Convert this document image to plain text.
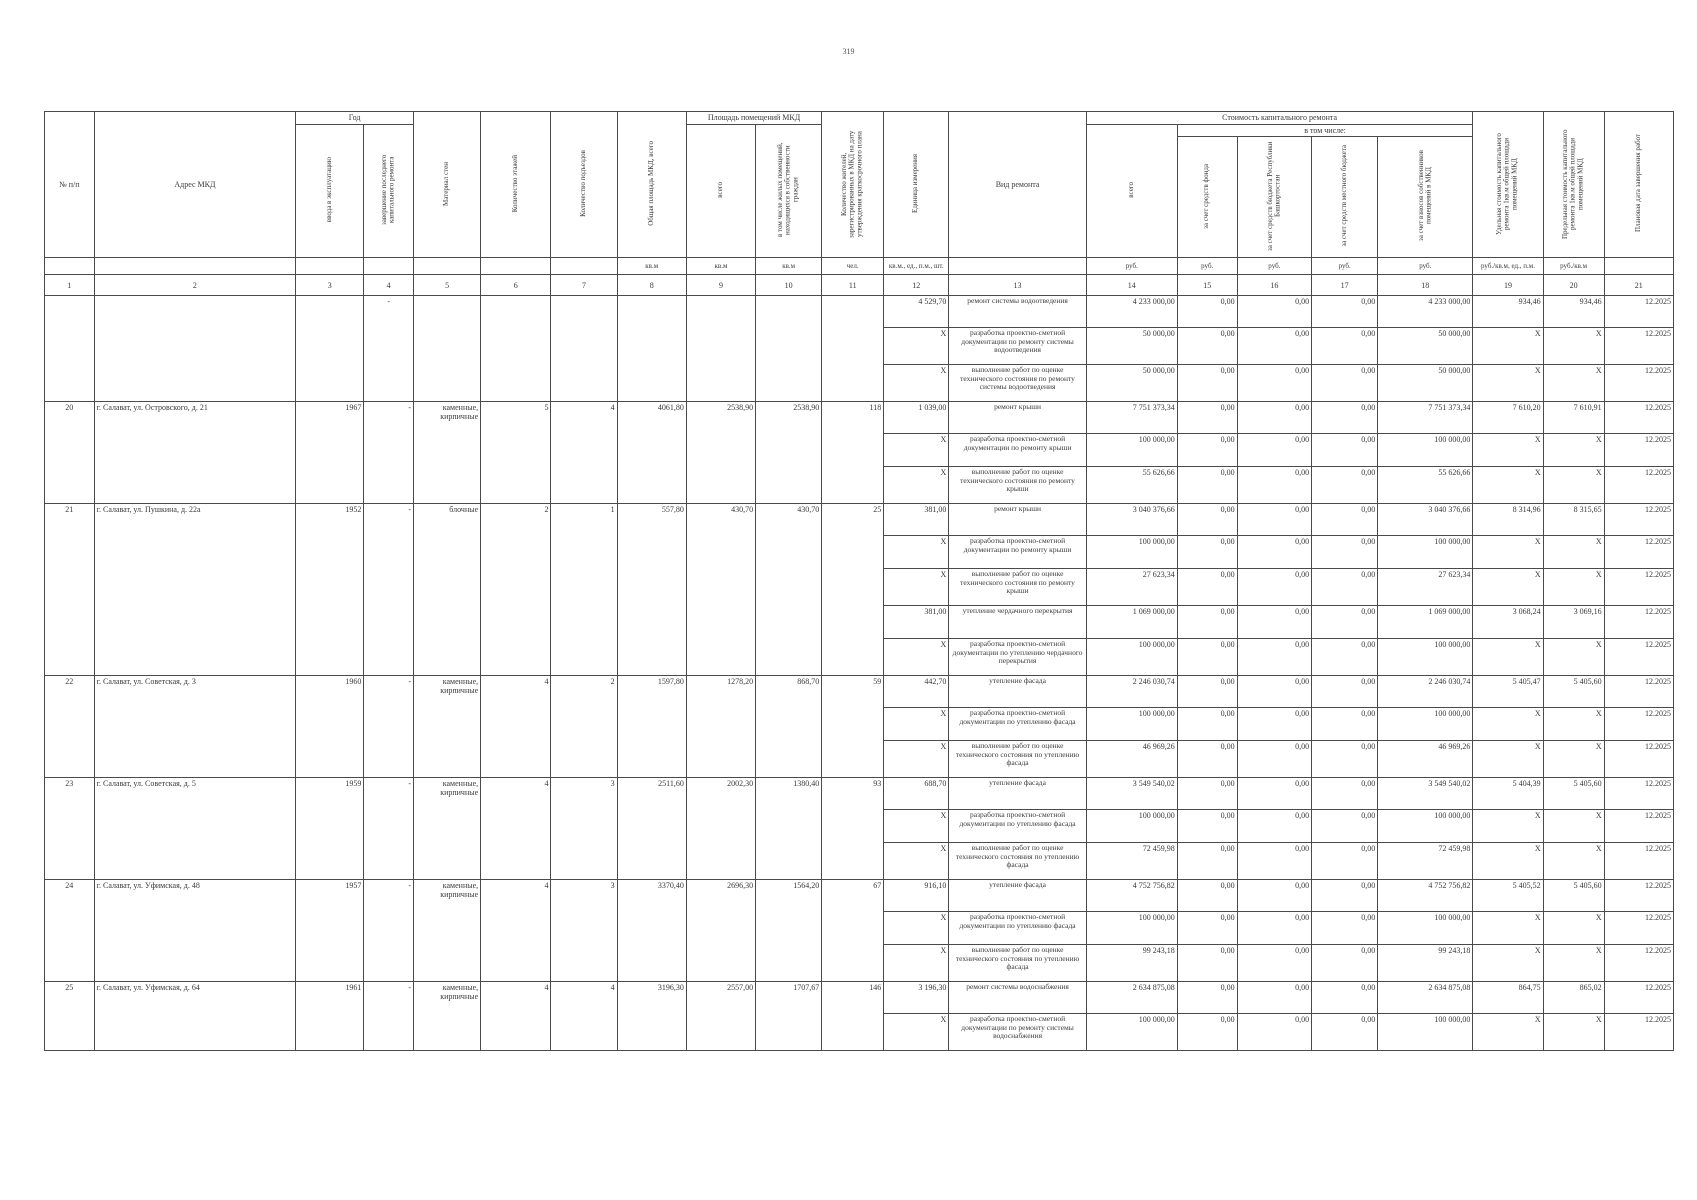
319
№ п/п	Адрес МКД	Год		Материал стен	Количество этажей	Количество подъездов	Общая площадь МКД, всего	Площадь помещений МКД		Количество жителей, зарегистрированных в МКД на дату утверждения краткосрочного плана	Единица измерения	Вид ремонта	Стоимость капитального ремонта					Удельная стоимость капитального ремонта 1кв.м общей площади помещений МКД	Предельная стоимость капитального ремонта 1кв.м общей площади помещений МКД	Плановая дата завершения работ
		ввода в эксплуатацию	завершение последнего капитального ремонта					всего	в том числе жилых помещений, находящихся в собственности граждан				всего	в том числе:						
														за счет средств фонда	за счет средств бюджета Республики Башкортостан	за счет средств местного бюджета	за счет взносов собственников помещений в МКД			
							кв.м	кв.м	кв.м	чел.	кв.м., ед., п.м., шт.		руб.	руб.	руб.	руб.	руб.	руб./кв.м, ед., п.м.	руб./кв.м	
1	2	3	4	5	6	7	8	9	10	11	12	13	14	15	16	17	18	19	20	21
			-								4 529,70	ремонт системы водоотведения	4 233 000,00	0,00	0,00	0,00	4 233 000,00	934,46	934,46	12.2025
											X	разработка проектно-сметной документации по ремонту системы водоотведения	50 000,00	0,00	0,00	0,00	50 000,00	X	X	12.2025
											X	выполнение работ по оценке технического состояния по ремонту системы водоотведения	50 000,00	0,00	0,00	0,00	50 000,00	X	X	12.2025
20	г. Салават, ул. Островского, д. 21	1967	-	каменные, кирпичные	5	4	4061,80	2538,90	2538,90	118	1 039,00	ремонт крыши	7 751 373,34	0,00	0,00	0,00	7 751 373,34	7 610,20	7 610,91	12.2025
											X	разработка проектно-сметной документации по ремонту крыши	100 000,00	0,00	0,00	0,00	100 000,00	X	X	12.2025
											X	выполнение работ по оценке технического состояния по ремонту крыши	55 626,66	0,00	0,00	0,00	55 626,66	X	X	12.2025
21	г. Салават, ул. Пушкина, д. 22а	1952	-	блочные	2	1	557,80	430,70	430,70	25	381,00	ремонт крыши	3 040 376,66	0,00	0,00	0,00	3 040 376,66	8 314,96	8 315,65	12.2025
											X	разработка проектно-сметной документации по ремонту крыши	100 000,00	0,00	0,00	0,00	100 000,00	X	X	12.2025
											X	выполнение работ по оценке технического состояния по ремонту крыши	27 623,34	0,00	0,00	0,00	27 623,34	X	X	12.2025
											381,00	утепление чердачного перекрытия	1 069 000,00	0,00	0,00	0,00	1 069 000,00	3 068,24	3 069,16	12.2025
											X	разработка проектно-сметной документации по утеплению чердачного перекрытия	100 000,00	0,00	0,00	0,00	100 000,00	X	X	12.2025
22	г. Салават, ул. Советская, д. 3	1960	-	каменные, кирпичные	4	2	1597,80	1278,20	868,70	59	442,70	утепление фасада	2 246 030,74	0,00	0,00	0,00	2 246 030,74	5 405,47	5 405,60	12.2025
											X	разработка проектно-сметной документации по утеплению фасада	100 000,00	0,00	0,00	0,00	100 000,00	X	X	12.2025
											X	выполнение работ по оценке технического состояния по утеплению фасада	46 969,26	0,00	0,00	0,00	46 969,26	X	X	12.2025
23	г. Салават, ул. Советская, д. 5	1959	-	каменные, кирпичные	4	3	2511,60	2002,30	1380,40	93	688,70	утепление фасада	3 549 540,02	0,00	0,00	0,00	3 549 540,02	5 404,39	5 405,60	12.2025
											X	разработка проектно-сметной документации по утеплению фасада	100 000,00	0,00	0,00	0,00	100 000,00	X	X	12.2025
											X	выполнение работ по оценке технического состояния по утеплению фасада	72 459,98	0,00	0,00	0,00	72 459,98	X	X	12.2025
24	г. Салават, ул. Уфимская, д. 48	1957	-	каменные, кирпичные	4	3	3370,40	2696,30	1564,20	67	916,10	утепление фасада	4 752 756,82	0,00	0,00	0,00	4 752 756,82	5 405,52	5 405,60	12.2025
											X	разработка проектно-сметной документации по утеплению фасада	100 000,00	0,00	0,00	0,00	100 000,00	X	X	12.2025
											X	выполнение работ по оценке технического состояния по утеплению фасада	99 243,18	0,00	0,00	0,00	99 243,18	X	X	12.2025
25	г. Салават, ул. Уфимская, д. 64	1961	-	каменные, кирпичные	4	4	3196,30	2557,00	1707,67	146	3 196,30	ремонт системы водоснабжения	2 634 875,08	0,00	0,00	0,00	2 634 875,08	864,75	865,02	12.2025
											X	разработка проектно-сметной документации по ремонту системы водоснабжения	100 000,00	0,00	0,00	0,00	100 000,00	X	X	12.2025
